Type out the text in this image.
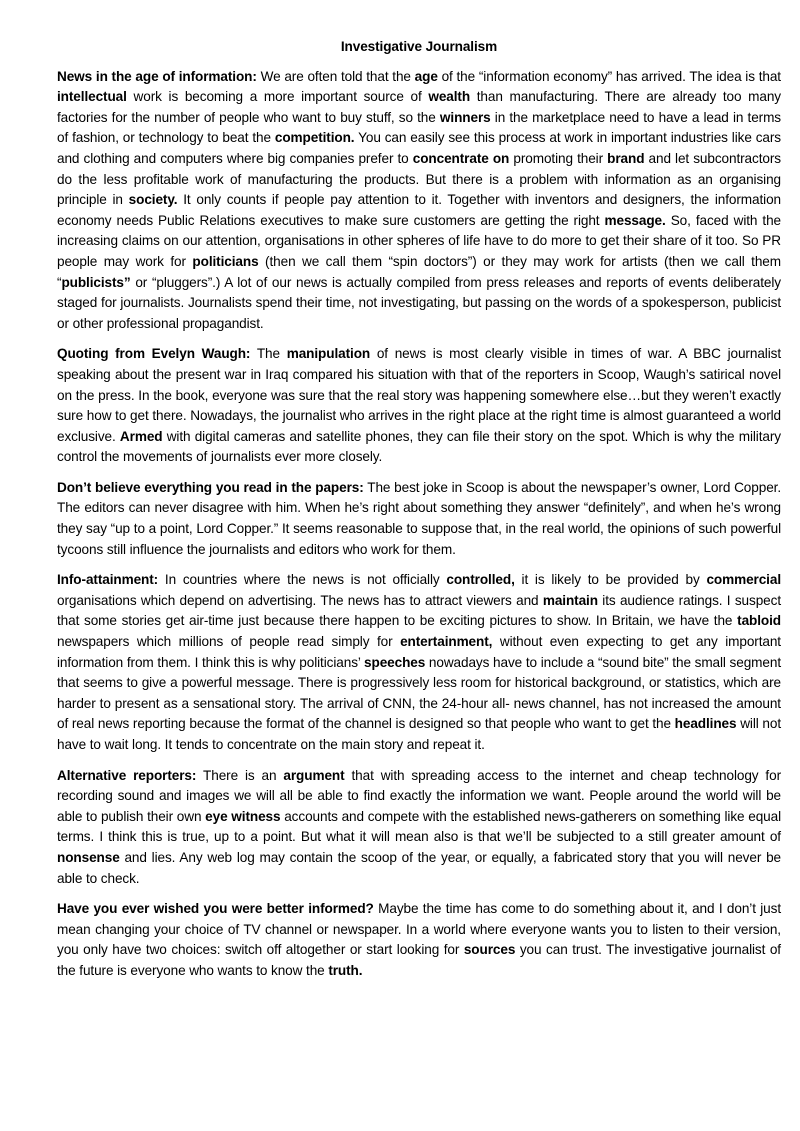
Investigative Journalism

News in the age of information: We are often told that the age of the “information economy” has arrived. The idea is that intellectual work is becoming a more important source of wealth than manufacturing. There are already too many factories for the number of people who want to buy stuff, so the winners in the marketplace need to have a lead in terms of fashion, or technology to beat the competition. You can easily see this process at work in important industries like cars and clothing and computers where big companies prefer to concentrate on promoting their brand and let subcontractors do the less profitable work of manufacturing the products. But there is a problem with information as an organising principle in society. It only counts if people pay attention to it. Together with inventors and designers, the information economy needs Public Relations executives to make sure customers are getting the right message. So, faced with the increasing claims on our attention, organisations in other spheres of life have to do more to get their share of it too. So PR people may work for politicians (then we call them “spin doctors”) or they may work for artists (then we call them “publicists” or “pluggers”.) A lot of our news is actually compiled from press releases and reports of events deliberately staged for journalists. Journalists spend their time, not investigating, but passing on the words of a spokesperson, publicist or other professional propagandist.

Quoting from Evelyn Waugh: The manipulation of news is most clearly visible in times of war. A BBC journalist speaking about the present war in Iraq compared his situation with that of the reporters in Scoop, Waugh’s satirical novel on the press. In the book, everyone was sure that the real story was happening somewhere else…but they weren’t exactly sure how to get there. Nowadays, the journalist who arrives in the right place at the right time is almost guaranteed a world exclusive. Armed with digital cameras and satellite phones, they can file their story on the spot. Which is why the military control the movements of journalists ever more closely.

Don’t believe everything you read in the papers: The best joke in Scoop is about the newspaper’s owner, Lord Copper. The editors can never disagree with him. When he’s right about something they answer “definitely”, and when he’s wrong they say “up to a point, Lord Copper.” It seems reasonable to suppose that, in the real world, the opinions of such powerful tycoons still influence the journalists and editors who work for them.

Info-attainment: In countries where the news is not officially controlled, it is likely to be provided by commercial organisations which depend on advertising. The news has to attract viewers and maintain its audience ratings. I suspect that some stories get air-time just because there happen to be exciting pictures to show. In Britain, we have the tabloid newspapers which millions of people read simply for entertainment, without even expecting to get any important information from them. I think this is why politicians’ speeches nowadays have to include a “sound bite” the small segment that seems to give a powerful message. There is progressively less room for historical background, or statistics, which are harder to present as a sensational story. The arrival of CNN, the 24-hour all- news channel, has not increased the amount of real news reporting because the format of the channel is designed so that people who want to get the headlines will not have to wait long. It tends to concentrate on the main story and repeat it.

Alternative reporters: There is an argument that with spreading access to the internet and cheap technology for recording sound and images we will all be able to find exactly the information we want. People around the world will be able to publish their own eye witness accounts and compete with the established news-gatherers on something like equal terms. I think this is true, up to a point. But what it will mean also is that we’ll be subjected to a still greater amount of nonsense and lies. Any web log may contain the scoop of the year, or equally, a fabricated story that you will never be able to check.

Have you ever wished you were better informed? Maybe the time has come to do something about it, and I don’t just mean changing your choice of TV channel or newspaper. In a world where everyone wants you to listen to their version, you only have two choices: switch off altogether or start looking for sources you can trust. The investigative journalist of the future is everyone who wants to know the truth.
